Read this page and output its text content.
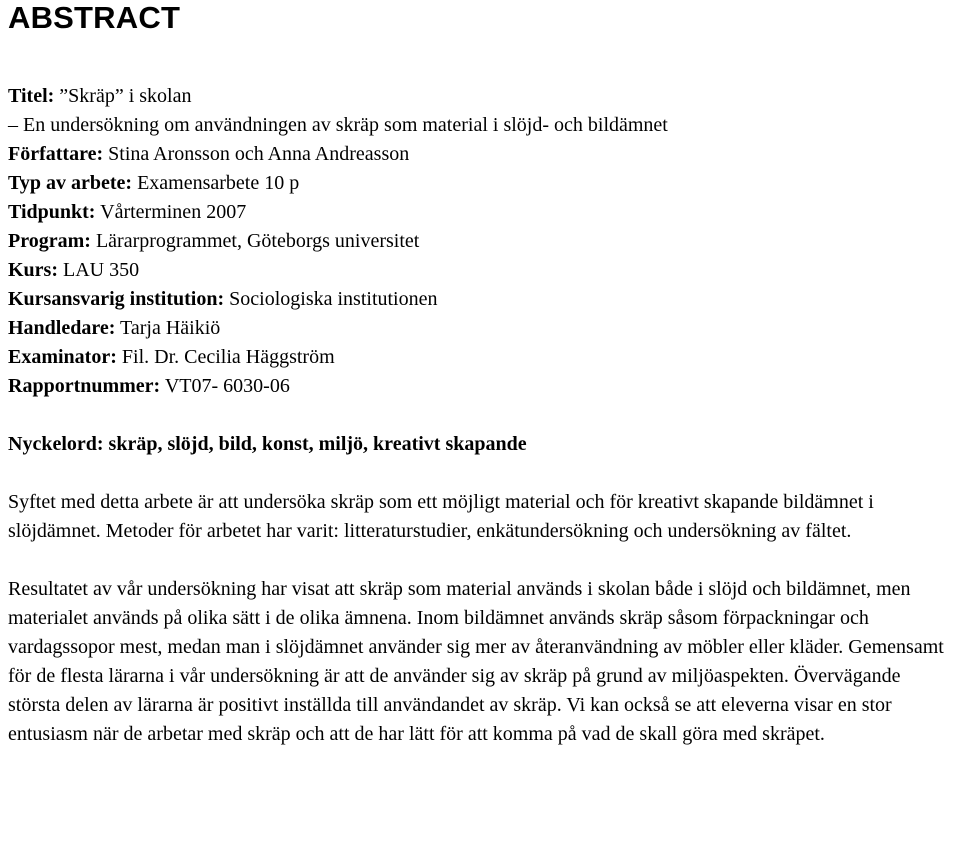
ABSTRACT
Titel: ”Skräp” i skolan
– En undersökning om användningen av skräp som material i slöjd- och bildämnet
Författare: Stina Aronsson och Anna Andreasson
Typ av arbete: Examensarbete 10 p
Tidpunkt: Vårterminen 2007
Program: Lärarprogrammet, Göteborgs universitet
Kurs: LAU 350
Kursansvarig institution: Sociologiska institutionen
Handledare: Tarja Häikiö
Examinator: Fil. Dr. Cecilia Häggström
Rapportnummer: VT07- 6030-06
Nyckelord: skräp, slöjd, bild, konst, miljö, kreativt skapande

Syftet med detta arbete är att undersöka skräp som ett möjligt material och för kreativt skapande bildämnet i slöjdämnet. Metoder för arbetet har varit: litteraturstudier, enkätundersökning och undersökning av fältet.

Resultatet av vår undersökning har visat att skräp som material används i skolan både i slöjd och bildämnet, men materialet används på olika sätt i de olika ämnena. Inom bildämnet används skräp såsom förpackningar och vardagssopor mest, medan man i slöjdämnet använder sig mer av återanvändning av möbler eller kläder. Gemensamt för de flesta lärarna i vår undersökning är att de använder sig av skräp på grund av miljöaspekten. Övervägande största delen av lärarna är positivt inställda till användandet av skräp. Vi kan också se att eleverna visar en stor entusiasm när de arbetar med skräp och att de har lätt för att komma på vad de skall göra med skräpet.
